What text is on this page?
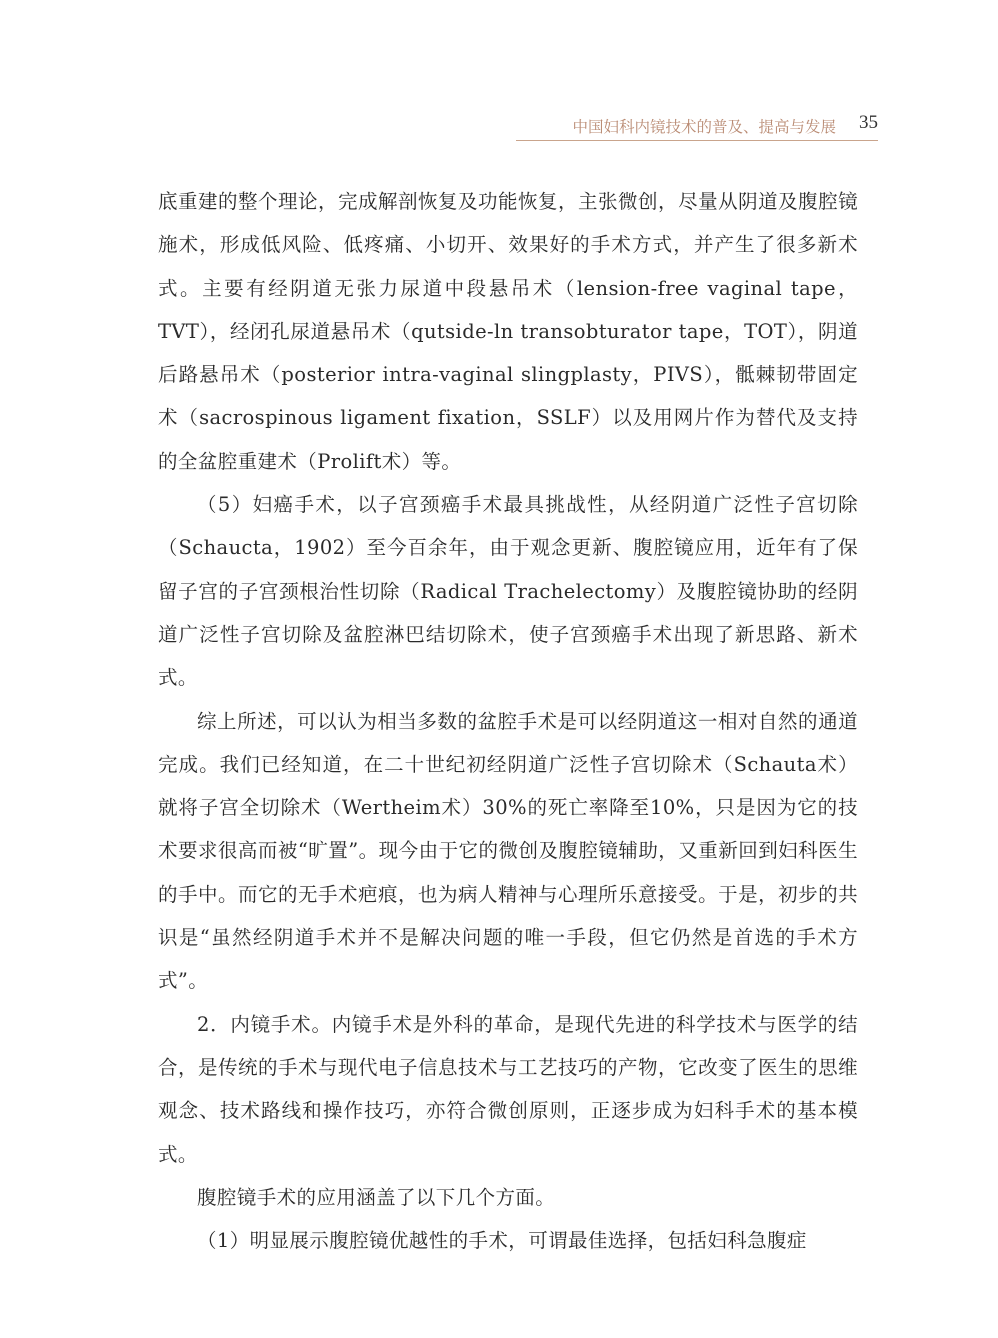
中国妇科内镜技术的普及、提高与发展 35

底重建的整个理论，完成解剖恢复及功能恢复，主张微创，尽量从阴道及腹腔镜施术，形成低风险、低疼痛、小切开、效果好的手术方式，并产生了很多新术式。主要有经阴道无张力尿道中段悬吊术（lension-free vaginal tape，TVT），经闭孔尿道悬吊术（qutside-ln transobturator tape，TOT），阴道后路悬吊术（posterior intra-vaginal slingplasty，PIVS），骶棘韧带固定术（sacrospinous ligament fixation，SSLF）以及用网片作为替代及支持的全盆腔重建术（Prolift术）等。

（5）妇癌手术，以子宫颈癌手术最具挑战性，从经阴道广泛性子宫切除（Schaucta，1902）至今百余年，由于观念更新、腹腔镜应用，近年有了保留子宫的子宫颈根治性切除（Radical Trachelectomy）及腹腔镜协助的经阴道广泛性子宫切除及盆腔淋巴结切除术，使子宫颈癌手术出现了新思路、新术式。

综上所述，可以认为相当多数的盆腔手术是可以经阴道这一相对自然的通道完成。我们已经知道，在二十世纪初经阴道广泛性子宫切除术（Schauta术）就将子宫全切除术（Wertheim术）30%的死亡率降至10%，只是因为它的技术要求很高而被“旷置”。现今由于它的微创及腹腔镜辅助，又重新回到妇科医生的手中。而它的无手术疤痕，也为病人精神与心理所乐意接受。于是，初步的共识是“虽然经阴道手术并不是解决问题的唯一手段，但它仍然是首选的手术方式”。

2．内镜手术。内镜手术是外科的革命，是现代先进的科学技术与医学的结合，是传统的手术与现代电子信息技术与工艺技巧的产物，它改变了医生的思维观念、技术路线和操作技巧，亦符合微创原则，正逐步成为妇科手术的基本模式。

腹腔镜手术的应用涵盖了以下几个方面。

（1）明显展示腹腔镜优越性的手术，可谓最佳选择，包括妇科急腹症
